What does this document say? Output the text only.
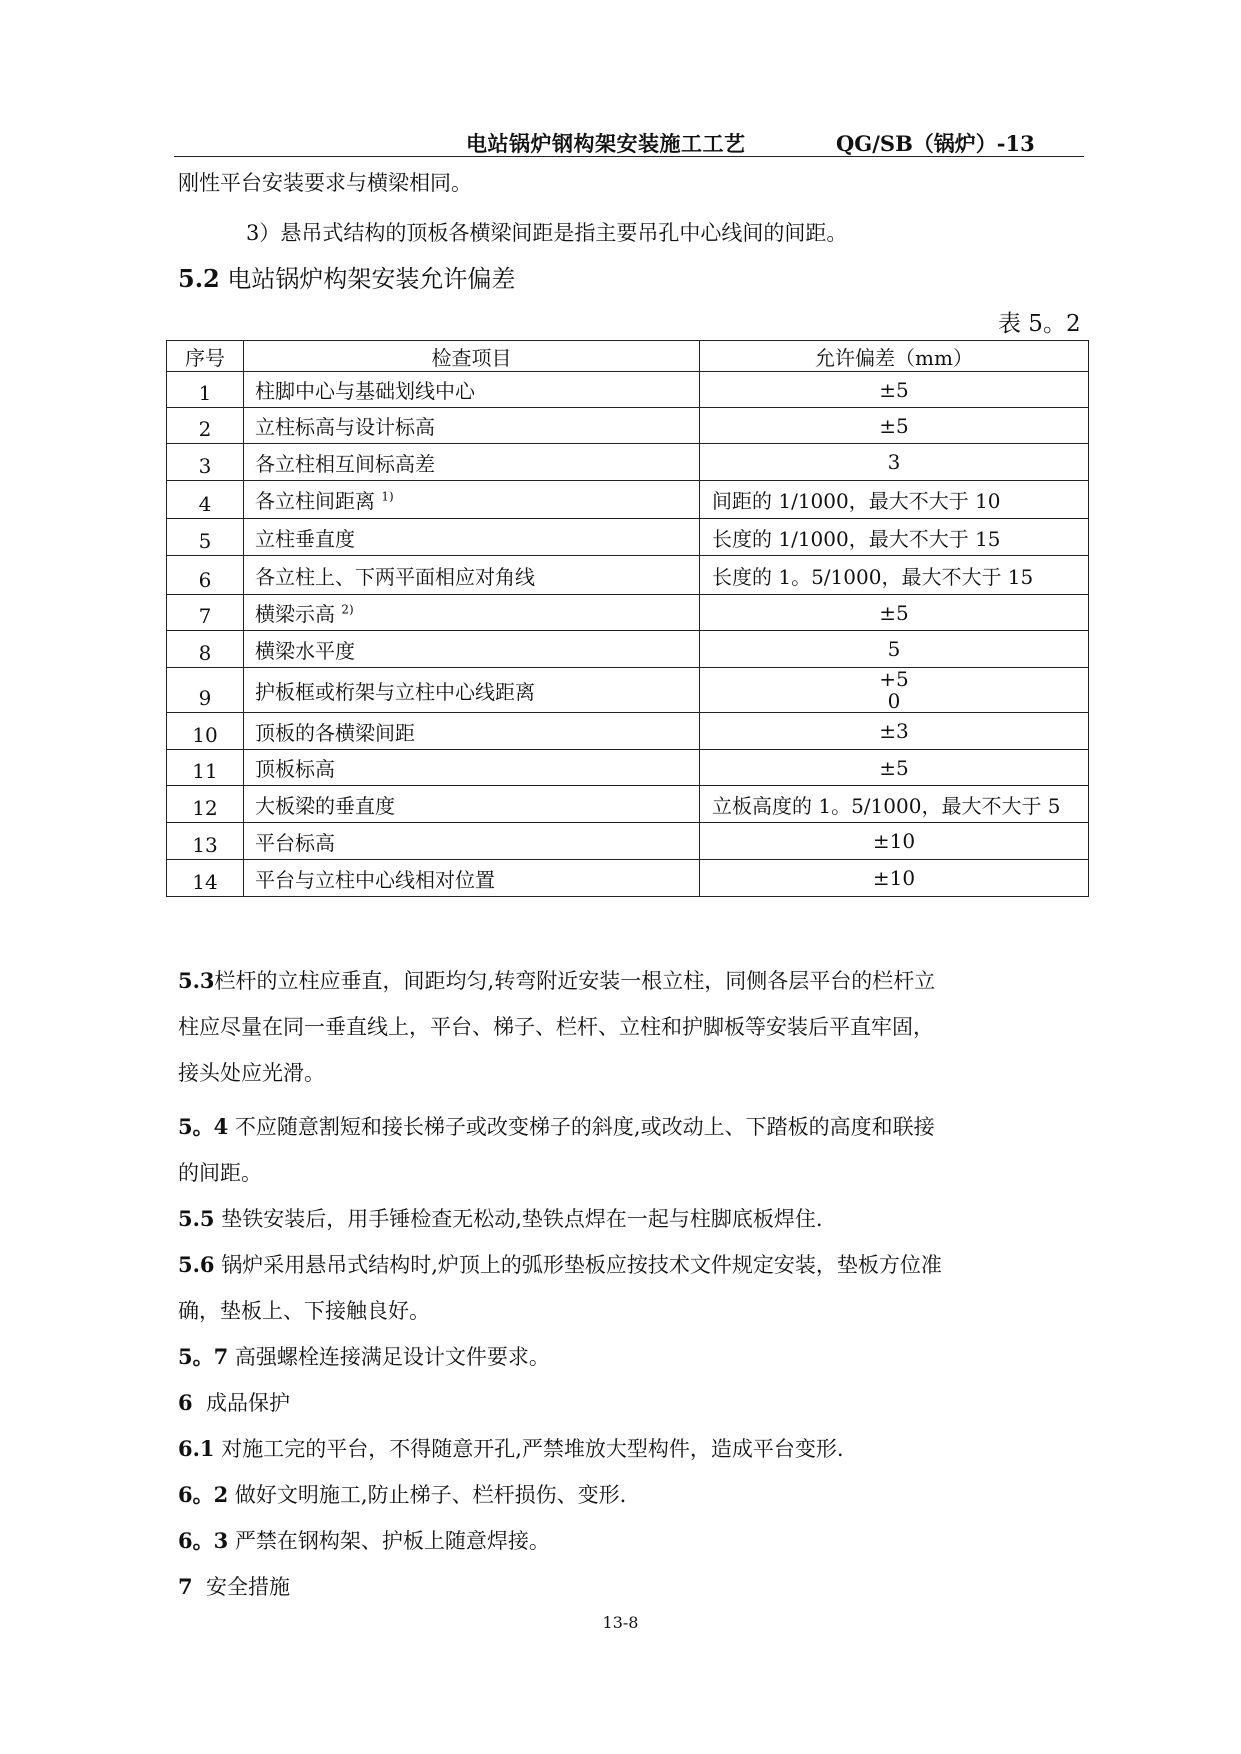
电站锅炉钢构架安装施工工艺	QG/SB（锅炉）-13
刚性平台安装要求与横梁相同。
3）悬吊式结构的顶板各横梁间距是指主要吊孔中心线间的间距。
5.2 电站锅炉构架安装允许偏差
表 5。2
序号	检查项目	允许偏差（mm）
1	柱脚中心与基础划线中心	±5

2	立柱标高与设计标高	±5

3	各立柱相互间标高差	3

4	各立柱间距离 $^{1)}$	间距的 1/1000，最大不大于 10

5	立柱垂直度	长度的 1/1000，最大不大于 15

6	各立柱上、下两平面相应对角线	长度的 1。5/1000，最大不大于 15

7	横梁示高 $^{2)}$	±5

8	横梁水平度	5

9	护板框或桁架与立柱中心线距离	+5
0

10	顶板的各横梁间距	±3

11	顶板标高	±5

12	大板梁的垂直度	立板高度的 1。5/1000，最大不大于 5

13	平台标高	±10

14	平台与立柱中心线相对位置	±10
5.3栏杆的立柱应垂直，间距均匀,转弯附近安装一根立柱，同侧各层平台的栏杆立
柱应尽量在同一垂直线上，平台、梯子、栏杆、立柱和护脚板等安装后平直牢固，
接头处应光滑。
5。4 不应随意割短和接长梯子或改变梯子的斜度,或改动上、下踏板的高度和联接
的间距。
5.5 垫铁安装后，用手锤检查无松动,垫铁点焊在一起与柱脚底板焊住.
5.6 锅炉采用悬吊式结构时,炉顶上的弧形垫板应按技术文件规定安装，垫板方位准
确，垫板上、下接触良好。
5。7 高强螺栓连接满足设计文件要求。
6 成品保护
6.1 对施工完的平台，不得随意开孔,严禁堆放大型构件，造成平台变形.
6。2 做好文明施工,防止梯子、栏杆损伤、变形.
6。3 严禁在钢构架、护板上随意焊接。
7 安全措施
13-8
